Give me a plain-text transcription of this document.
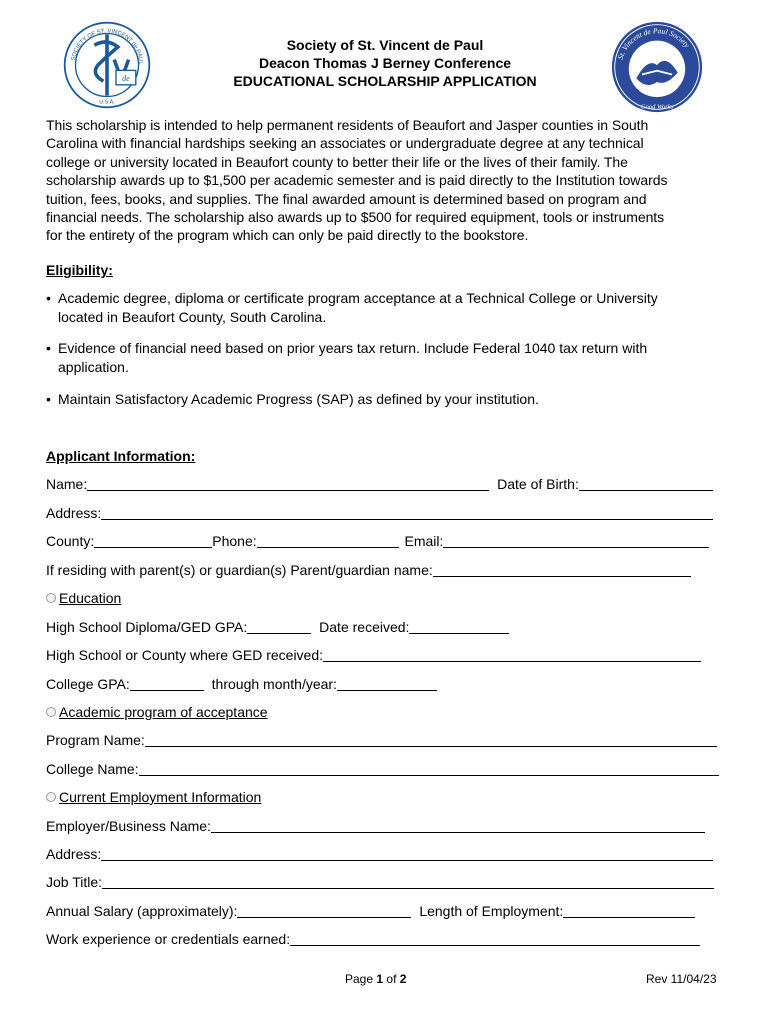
de
U.S.A.
SOCIETY OF ST. VINCENT de PAUL
Society of St. Vincent de Paul
Deacon Thomas J Berney Conference
EDUCATIONAL SCHOLARSHIP APPLICATION
St. Vincent de Paul Society
Good Works
This scholarship is intended to help permanent residents of Beaufort and Jasper counties in South
Carolina with financial hardships seeking an associates or undergraduate degree at any technical
college or university located in Beaufort county to better their life or the lives of their family. The
scholarship awards up to $1,500 per academic semester and is paid directly to the Institution towards
tuition, fees, books, and supplies. The final awarded amount is determined based on program and
financial needs. The scholarship also awards up to $500 for required equipment, tools or instruments
for the entirety of the program which can only be paid directly to the bookstore.
Eligibility:
• Academic degree, diploma or certificate program acceptance at a Technical College or University
located in Beaufort County, South Carolina.
• Evidence of financial need based on prior years tax return. Include Federal 1040 tax return with
application.
• Maintain Satisfactory Academic Progress (SAP) as defined by your institution.
Applicant Information:
Name:	Date of Birth:
Address:
County:	Phone:	Email:
If residing with parent(s) or guardian(s) Parent/guardian name:
Education
High School Diploma/GED GPA:	Date received:
High School or County where GED received:
College GPA:	through month/year:
Academic program of acceptance
Program Name:
College Name:
Current Employment Information
Employer/Business Name:
Address:
Job Title:
Annual Salary (approximately):	Length of Employment:
Work experience or credentials earned:
Page 1 of 2	Rev 11/04/23
